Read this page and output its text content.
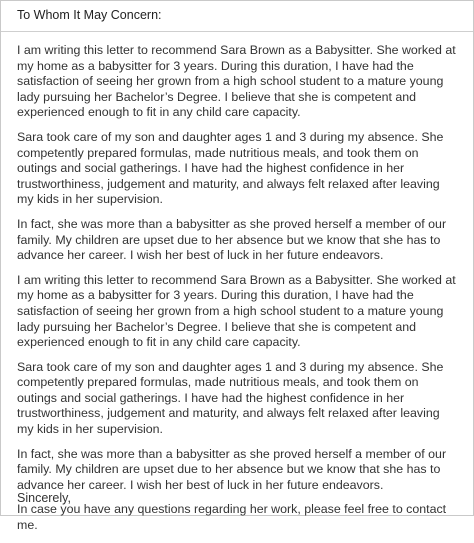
To Whom It May Concern:

I am writing this letter to recommend Sara Brown as a Babysitter. She worked at my home as a babysitter for 3 years. During this duration, I have had the satisfaction of seeing her grown from a high school student to a mature young lady pursuing her Bachelor’s Degree. I believe that she is competent and experienced enough to fit in any child care capacity.

Sara took care of my son and daughter ages 1 and 3 during my absence. She competently prepared formulas, made nutritious meals, and took them on outings and social gatherings. I have had the highest confidence in her trustworthiness, judgement and maturity, and always felt relaxed after leaving my kids in her supervision.

In fact, she was more than a babysitter as she proved herself a member of our family. My children are upset due to her absence but we know that she has to advance her career. I wish her best of luck in her future endeavors.

I am writing this letter to recommend Sara Brown as a Babysitter. She worked at my home as a babysitter for 3 years. During this duration, I have had the satisfaction of seeing her grown from a high school student to a mature young lady pursuing her Bachelor’s Degree. I believe that she is competent and experienced enough to fit in any child care capacity.

Sara took care of my son and daughter ages 1 and 3 during my absence. She competently prepared formulas, made nutritious meals, and took them on outings and social gatherings. I have had the highest confidence in her trustworthiness, judgement and maturity, and always felt relaxed after leaving my kids in her supervision.

In fact, she was more than a babysitter as she proved herself a member of our family. My children are upset due to her absence but we know that she has to advance her career. I wish her best of luck in her future endeavors.

In case you have any questions regarding her work, please feel free to contact me.

Sincerely,
